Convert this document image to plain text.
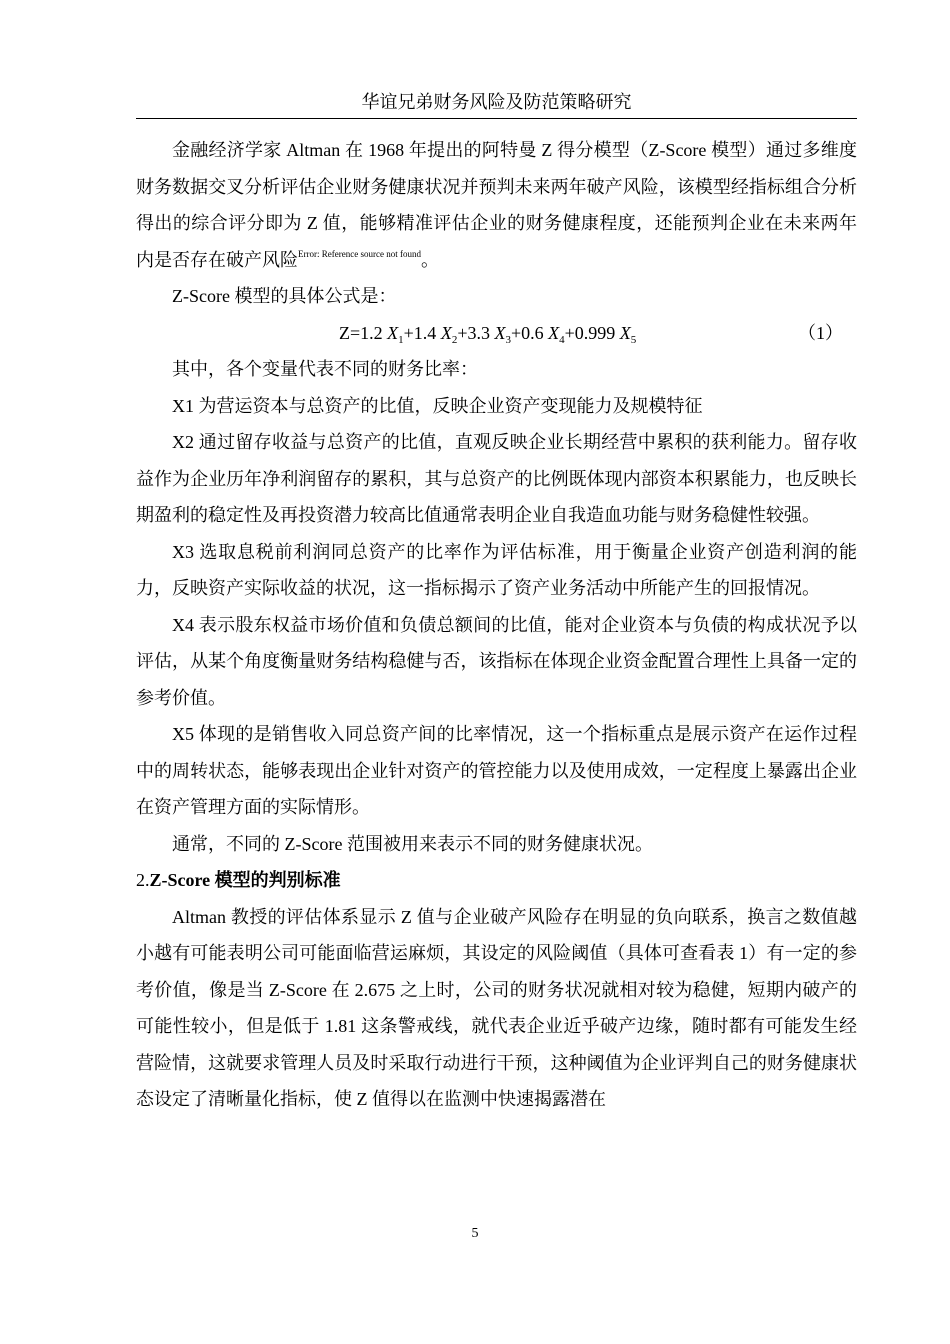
华谊兄弟财务风险及防范策略研究

金融经济学家 Altman 在 1968 年提出的阿特曼 Z 得分模型（Z-Score 模型）通过多维度财务数据交叉分析评估企业财务健康状况并预判未来两年破产风险，该模型经指标组合分析得出的综合评分即为 Z 值，能够精准评估企业的财务健康程度，还能预判企业在未来两年内是否存在破产风险$^{Error: Reference source not found}$。

Z-Score 模型的具体公式是：

Z=1.2 $X_1+1.4$ $X_2+3.3$ $X_3+0.6$ $X_4+0.999$ $X_5$	（1）

其中，各个变量代表不同的财务比率：

X1 为营运资本与总资产的比值，反映企业资产变现能力及规模特征

X2 通过留存收益与总资产的比值，直观反映企业长期经营中累积的获利能力。留存收益作为企业历年净利润留存的累积，其与总资产的比例既体现内部资本积累能力，也反映长期盈利的稳定性及再投资潜力较高比值通常表明企业自我造血功能与财务稳健性较强。

X3 选取息税前利润同总资产的比率作为评估标准，用于衡量企业资产创造利润的能力，反映资产实际收益的状况，这一指标揭示了资产业务活动中所能产生的回报情况。

X4 表示股东权益市场价值和负债总额间的比值，能对企业资本与负债的构成状况予以评估，从某个角度衡量财务结构稳健与否，该指标在体现企业资金配置合理性上具备一定的参考价值。

X5 体现的是销售收入同总资产间的比率情况，这一个指标重点是展示资产在运作过程中的周转状态，能够表现出企业针对资产的管控能力以及使用成效，一定程度上暴露出企业在资产管理方面的实际情形。

通常，不同的 Z-Score 范围被用来表示不同的财务健康状况。

2.Z-Score 模型的判别标准

Altman 教授的评估体系显示 Z 值与企业破产风险存在明显的负向联系，换言之数值越小越有可能表明公司可能面临营运麻烦，其设定的风险阈值（具体可查看表 1）有一定的参考价值，像是当 Z-Score 在 2.675 之上时，公司的财务状况就相对较为稳健，短期内破产的可能性较小，但是低于 1.81 这条警戒线，就代表企业近乎破产边缘，随时都有可能发生经营险情，这就要求管理人员及时采取行动进行干预，这种阈值为企业评判自己的财务健康状态设定了清晰量化指标，使 Z 值得以在监测中快速揭露潜在

5
